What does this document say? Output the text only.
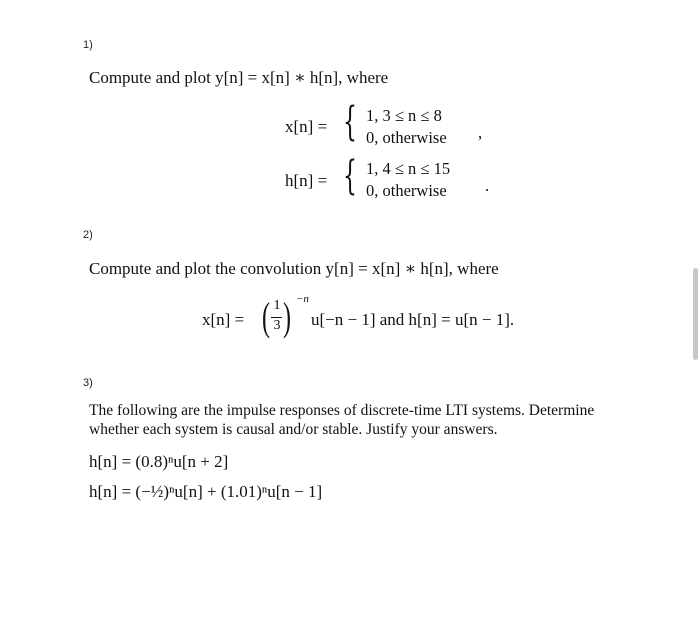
1)
Compute and plot y[n] = x[n] ∗ h[n], where
x[n] = { 1, 3 ≤ n ≤ 8
0, otherwise ,
h[n] = { 1, 4 ≤ n ≤ 15
0, otherwise .
2)
Compute and plot the convolution y[n] = x[n] ∗ h[n], where
x[n] = ( 1
3 ) −n
u[−n − 1] and h[n] = u[n − 1].
3)
The following are the impulse responses of discrete-time LTI systems. Determine
whether each system is causal and/or stable. Justify your answers.
h[n] = (0.8)ⁿu[n + 2]
h[n] = (−½)ⁿu[n] + (1.01)ⁿu[n − 1]
